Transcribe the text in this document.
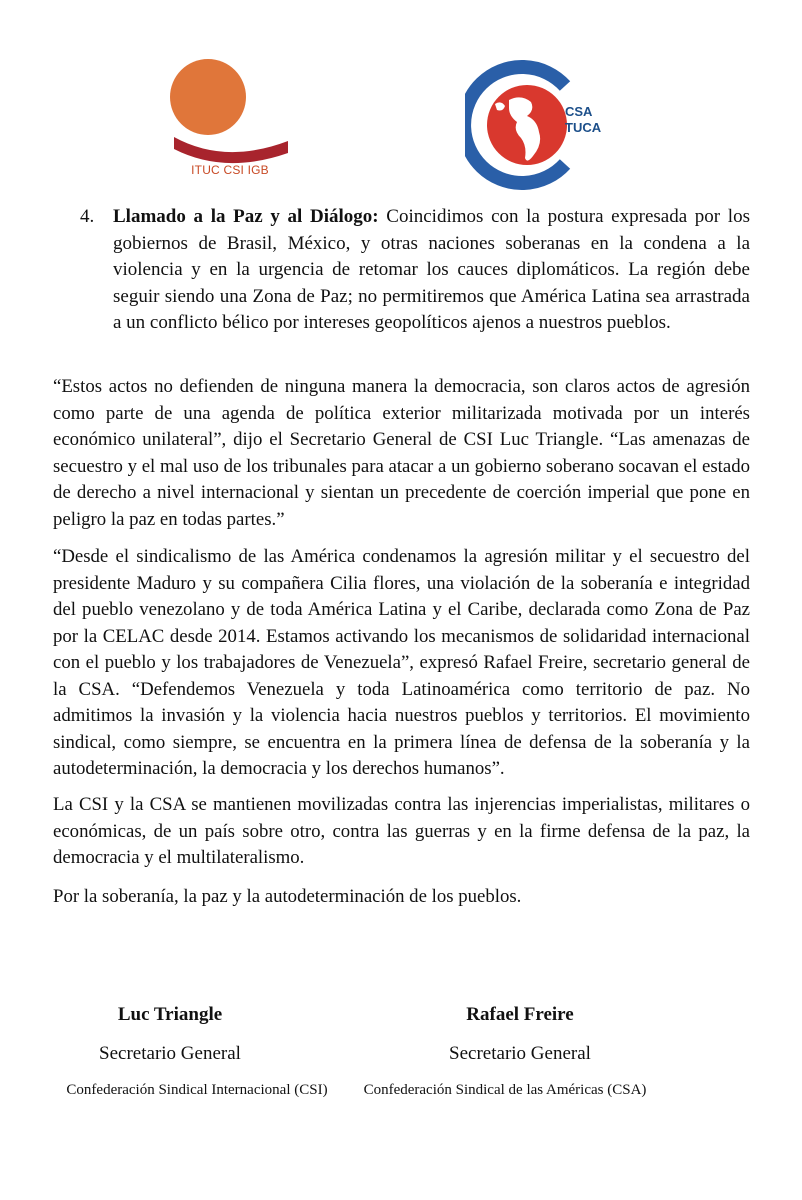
ITUC CSI IGB
CSA
TUCA
4. Llamado a la Paz y al Diálogo: Coincidimos con la postura expresada por los gobiernos de Brasil, México, y otras naciones soberanas en la condena a la violencia y en la urgencia de retomar los cauces diplomáticos. La región debe seguir siendo una Zona de Paz; no permitiremos que América Latina sea arrastrada a un conflicto bélico por intereses geopolíticos ajenos a nuestros pueblos.

“Estos actos no defienden de ninguna manera la democracia, son claros actos de agresión como parte de una agenda de política exterior militarizada motivada por un interés económico unilateral”, dijo el Secretario General de CSI Luc Triangle. “Las amenazas de secuestro y el mal uso de los tribunales para atacar a un gobierno soberano socavan el estado de derecho a nivel internacional y sientan un precedente de coerción imperial que pone en peligro la paz en todas partes.”

“Desde el sindicalismo de las América condenamos la agresión militar y el secuestro del presidente Maduro y su compañera Cilia flores, una violación de la soberanía e integridad del pueblo venezolano y de toda América Latina y el Caribe, declarada como Zona de Paz por la CELAC desde 2014. Estamos activando los mecanismos de solidaridad internacional con el pueblo y los trabajadores de Venezuela”, expresó Rafael Freire, secretario general de la CSA. “Defendemos Venezuela y toda Latinoamérica como territorio de paz. No admitimos la invasión y la violencia hacia nuestros pueblos y territorios. El movimiento sindical, como siempre, se encuentra en la primera línea de defensa de la soberanía y la autodeterminación, la democracia y los derechos humanos”.

La CSI y la CSA se mantienen movilizadas contra las injerencias imperialistas, militares o económicas, de un país sobre otro, contra las guerras y en la firme defensa de la paz, la democracia y el multilateralismo.

Por la soberanía, la paz y la autodeterminación de los pueblos.

Luc Triangle
Secretario General
Confederación Sindical Internacional (CSI)
Rafael Freire
Secretario General
Confederación Sindical de las Américas (CSA)
